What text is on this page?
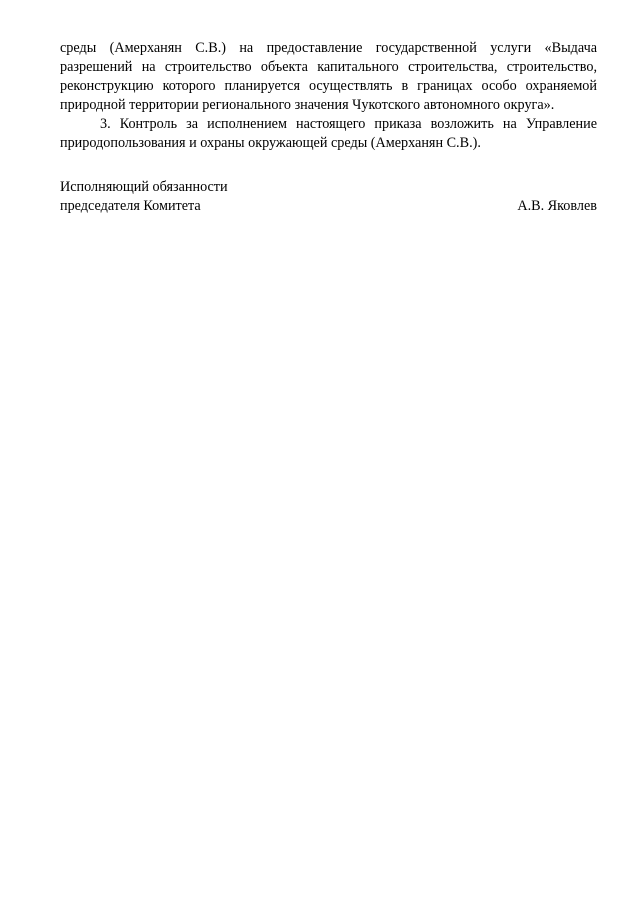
среды (Амерханян С.В.) на предоставление государственной услуги «Выдача разрешений на строительство объекта капитального строительства, строительство, реконструкцию которого планируется осуществлять в границах особо охраняемой природной территории регионального значения Чукотского автономного округа».

3. Контроль за исполнением настоящего приказа возложить на Управление природопользования и охраны окружающей среды (Амерханян С.В.).

Исполняющий обязанности
председателя Комитета	А.В. Яковлев
